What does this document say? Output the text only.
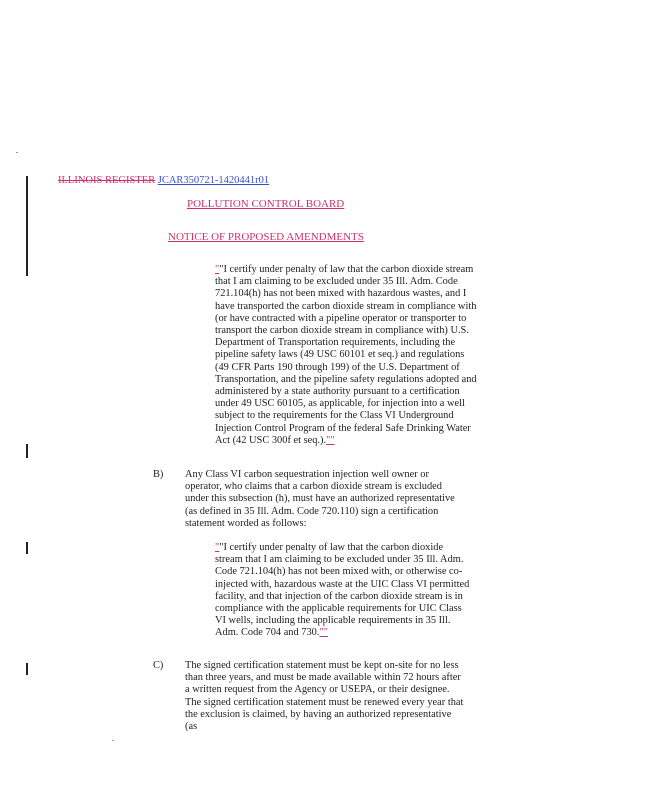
ILLINOIS REGISTER JCAR350721-1420441r01
POLLUTION CONTROL BOARD
NOTICE OF PROPOSED AMENDMENTS

""I certify under penalty of law that the carbon dioxide stream that I am claiming to be excluded under 35 Ill. Adm. Code 721.104(h) has not been mixed with hazardous wastes, and I have transported the carbon dioxide stream in compliance with (or have contracted with a pipeline operator or transporter to transport the carbon dioxide stream in compliance with) U.S. Department of Transportation requirements, including the pipeline safety laws (49 USC 60101 et seq.) and regulations (49 CFR Parts 190 through 199) of the U.S. Department of Transportation, and the pipeline safety regulations adopted and administered by a state authority pursuant to a certification under 49 USC 60105, as applicable, for injection into a well subject to the requirements for the Class VI Underground Injection Control Program of the federal Safe Drinking Water Act (42 USC 300f et seq.).""

B) Any Class VI carbon sequestration injection well owner or operator, who claims that a carbon dioxide stream is excluded under this subsection (h), must have an authorized representative (as defined in 35 Ill. Adm. Code 720.110) sign a certification statement worded as follows:

""I certify under penalty of law that the carbon dioxide stream that I am claiming to be excluded under 35 Ill. Adm. Code 721.104(h) has not been mixed with, or otherwise co-injected with, hazardous waste at the UIC Class VI permitted facility, and that injection of the carbon dioxide stream is in compliance with the applicable requirements for UIC Class VI wells, including the applicable requirements in 35 Ill. Adm. Code 704 and 730.""

C) The signed certification statement must be kept on-site for no less than three years, and must be made available within 72 hours after a written request from the Agency or USEPA, or their designee. The signed certification statement must be renewed every year that the exclusion is claimed, by having an authorized representative (as
